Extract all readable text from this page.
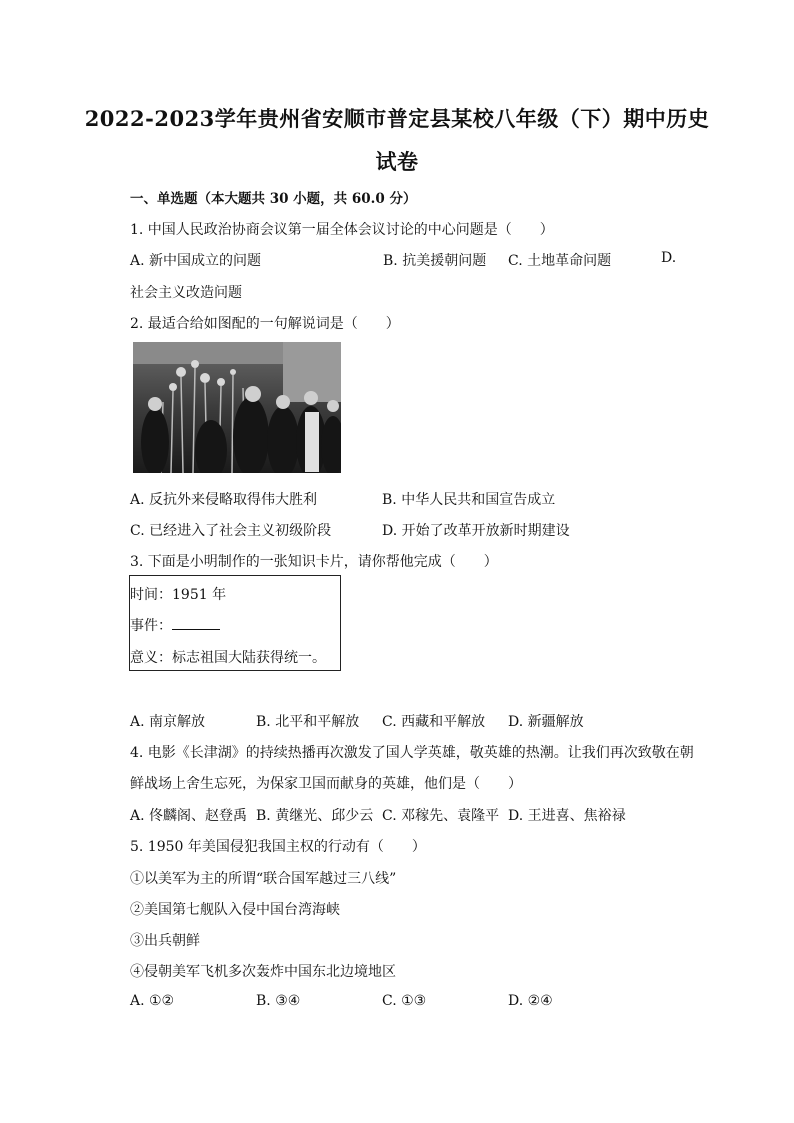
2022-2023学年贵州省安顺市普定县某校八年级（下）期中历史
试卷
一、单选题（本大题共 30 小题，共 60.0 分）
1. 中国人民政治协商会议第一届全体会议讨论的中心问题是（　　）
A. 新中国成立的问题	B. 抗美援朝问题 C. 土地革命问题	D.
社会主义改造问题
2. 最适合给如图配的一句解说词是（　　）
A. 反抗外来侵略取得伟大胜利	B. 中华人民共和国宣告成立
C. 已经进入了社会主义初级阶段	D. 开始了改革开放新时期建设
3. 下面是小明制作的一张知识卡片，请你帮他完成（　　）
时间：1951 年
事件：
意义：标志祖国大陆获得统一。
A. 南京解放	B. 北平和平解放 C. 西藏和平解放 D. 新疆解放
4. 电影《长津湖》的持续热播再次激发了国人学英雄，敬英雄的热潮。让我们再次致敬在朝
鲜战场上舍生忘死，为保家卫国而献身的英雄，他们是（　　）
A. 佟麟阁、赵登禹 B. 黄继光、邱少云 C. 邓稼先、袁隆平 D. 王进喜、焦裕禄
5. 1950 年美国侵犯我国主权的行动有（　　）
①以美军为主的所谓“联合国军越过三八线”
②美国第七舰队入侵中国台湾海峡
③出兵朝鲜
④侵朝美军飞机多次轰炸中国东北边境地区
A. ①②	B. ③④	C. ①③	D. ②④
